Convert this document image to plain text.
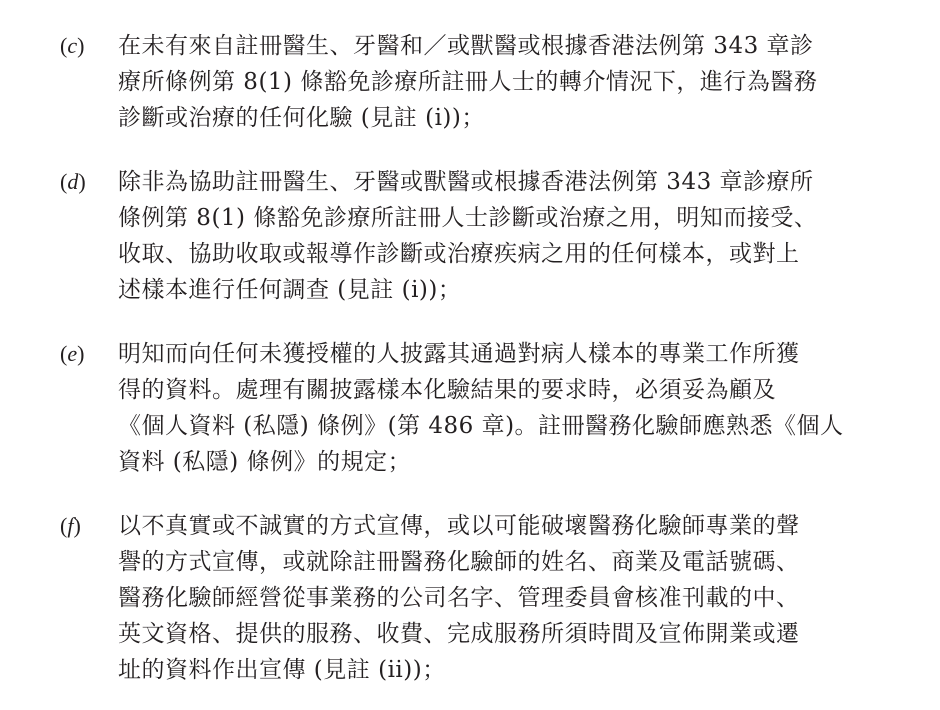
(c)	在未有來自註冊醫生、牙醫和／或獸醫或根據香港法例第 343 章診
療所條例第 8(1) 條豁免診療所註冊人士的轉介情況下，進行為醫務
診斷或治療的任何化驗 (見註 (i))；
(d)	除非為協助註冊醫生、牙醫或獸醫或根據香港法例第 343 章診療所
條例第 8(1) 條豁免診療所註冊人士診斷或治療之用，明知而接受、
收取、協助收取或報導作診斷或治療疾病之用的任何樣本，或對上
述樣本進行任何調查 (見註 (i))；
(e)	明知而向任何未獲授權的人披露其通過對病人樣本的專業工作所獲
得的資料。處理有關披露樣本化驗結果的要求時，必須妥為顧及
《個人資料 (私隱) 條例》(第 486 章)。註冊醫務化驗師應熟悉《個人
資料 (私隱) 條例》的規定；
(f)	以不真實或不誠實的方式宣傳，或以可能破壞醫務化驗師專業的聲
譽的方式宣傳，或就除註冊醫務化驗師的姓名、商業及電話號碼、
醫務化驗師經營從事業務的公司名字、管理委員會核准刊載的中、
英文資格、提供的服務、收費、完成服務所須時間及宣佈開業或遷
址的資料作出宣傳 (見註 (ii))；
